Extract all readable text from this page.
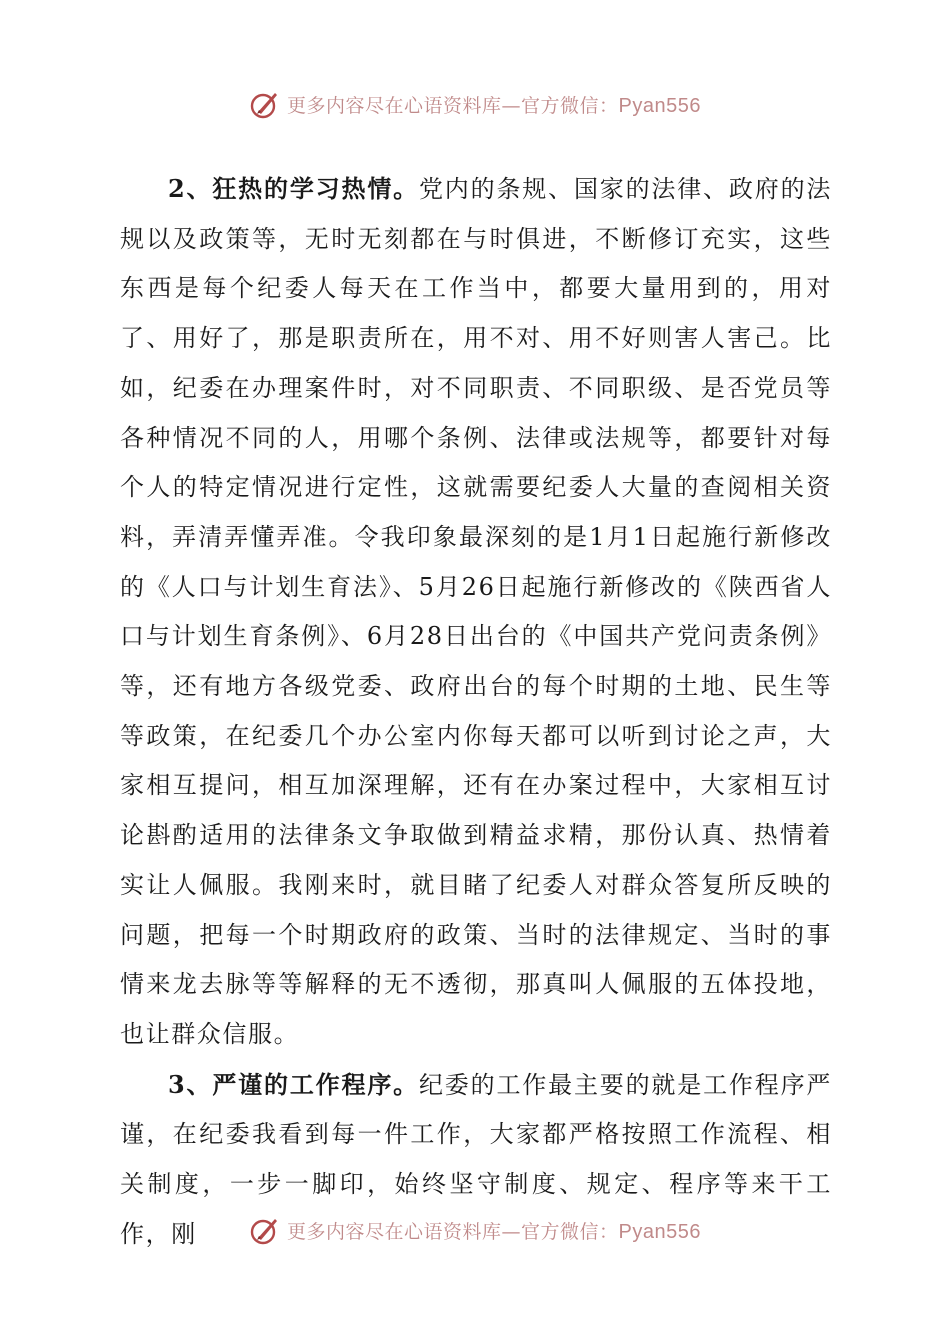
更多内容尽在心语资料库—官方微信：Pyan556

2、狂热的学习热情。党内的条规、国家的法律、政府的法规以及政策等，无时无刻都在与时俱进，不断修订充实，这些东西是每个纪委人每天在工作当中，都要大量用到的，用对了、用好了，那是职责所在，用不对、用不好则害人害己。比如，纪委在办理案件时，对不同职责、不同职级、是否党员等各种情况不同的人，用哪个条例、法律或法规等，都要针对每个人的特定情况进行定性，这就需要纪委人大量的查阅相关资料，弄清弄懂弄准。令我印象最深刻的是1月1日起施行新修改的《人口与计划生育法》、5月26日起施行新修改的《陕西省人口与计划生育条例》、6月28日出台的《中国共产党问责条例》等，还有地方各级党委、政府出台的每个时期的土地、民生等等政策，在纪委几个办公室内你每天都可以听到讨论之声，大家相互提问，相互加深理解，还有在办案过程中，大家相互讨论斟酌适用的法律条文争取做到精益求精，那份认真、热情着实让人佩服。我刚来时，就目睹了纪委人对群众答复所反映的问题，把每一个时期政府的政策、当时的法律规定、当时的事情来龙去脉等等解释的无不透彻，那真叫人佩服的五体投地，也让群众信服。

3、严谨的工作程序。纪委的工作最主要的就是工作程序严谨，在纪委我看到每一件工作，大家都严格按照工作流程、相关制度，一步一脚印，始终坚守制度、规定、程序等来干工作，刚	更多内容尽在心语资料库—官方微信：Pyan556
